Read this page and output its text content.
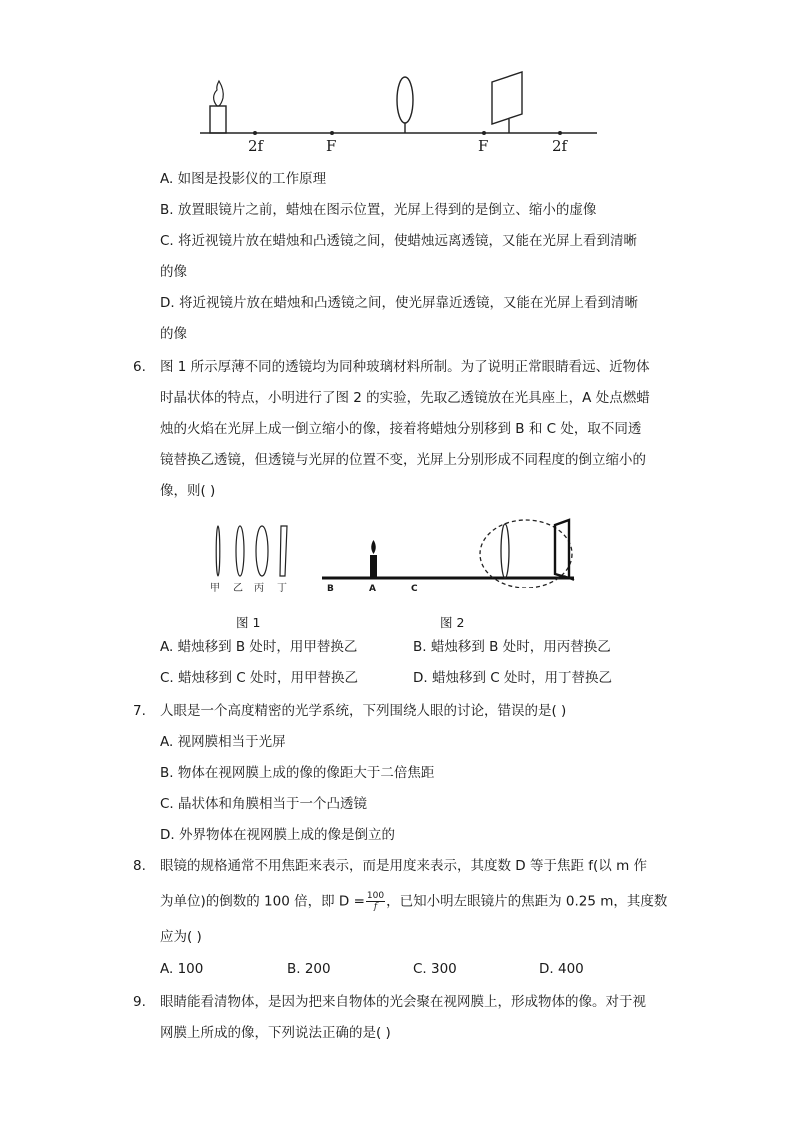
2f	F	F	2f
A. 如图是投影仪的工作原理
B. 放置眼镜片之前，蜡烛在图示位置，光屏上得到的是倒立、缩小的虚像
C. 将近视镜片放在蜡烛和凸透镜之间，使蜡烛远离透镜，又能在光屏上看到清晰
的像
D. 将近视镜片放在蜡烛和凸透镜之间，使光屏靠近透镜，又能在光屏上看到清晰
的像
6. 图 1 所示厚薄不同的透镜均为同种玻璃材料所制。为了说明正常眼睛看远、近物体
时晶状体的特点，小明进行了图 2 的实验，先取乙透镜放在光具座上，A 处点燃蜡
烛的火焰在光屏上成一倒立缩小的像，接着将蜡烛分别移到 B 和 C 处，取不同透
镜替换乙透镜，但透镜与光屏的位置不变，光屏上分别形成不同程度的倒立缩小的
像，则( )
甲 乙 丙 丁	B	A	C
图 1	图 2
A. 蜡烛移到 B 处时，用甲替换乙	B. 蜡烛移到 B 处时，用丙替换乙
C. 蜡烛移到 C 处时，用甲替换乙	D. 蜡烛移到 C 处时，用丁替换乙
7. 人眼是一个高度精密的光学系统，下列围绕人眼的讨论，错误的是( )
A. 视网膜相当于光屏
B. 物体在视网膜上成的像的像距大于二倍焦距
C. 晶状体和角膜相当于一个凸透镜
D. 外界物体在视网膜上成的像是倒立的
8. 眼镜的规格通常不用焦距来表示，而是用度来表示，其度数 D 等于焦距 f(以 m 作
为单位)的倒数的 100 倍，即 $D = \frac{100}{f}$ ，已知小明左眼镜片的焦距为 0.25 m，其度数
应为( )
A. 100	B. 200	C. 300	D. 400
9. 眼睛能看清物体，是因为把来自物体的光会聚在视网膜上，形成物体的像。对于视
网膜上所成的像，下列说法正确的是( )
